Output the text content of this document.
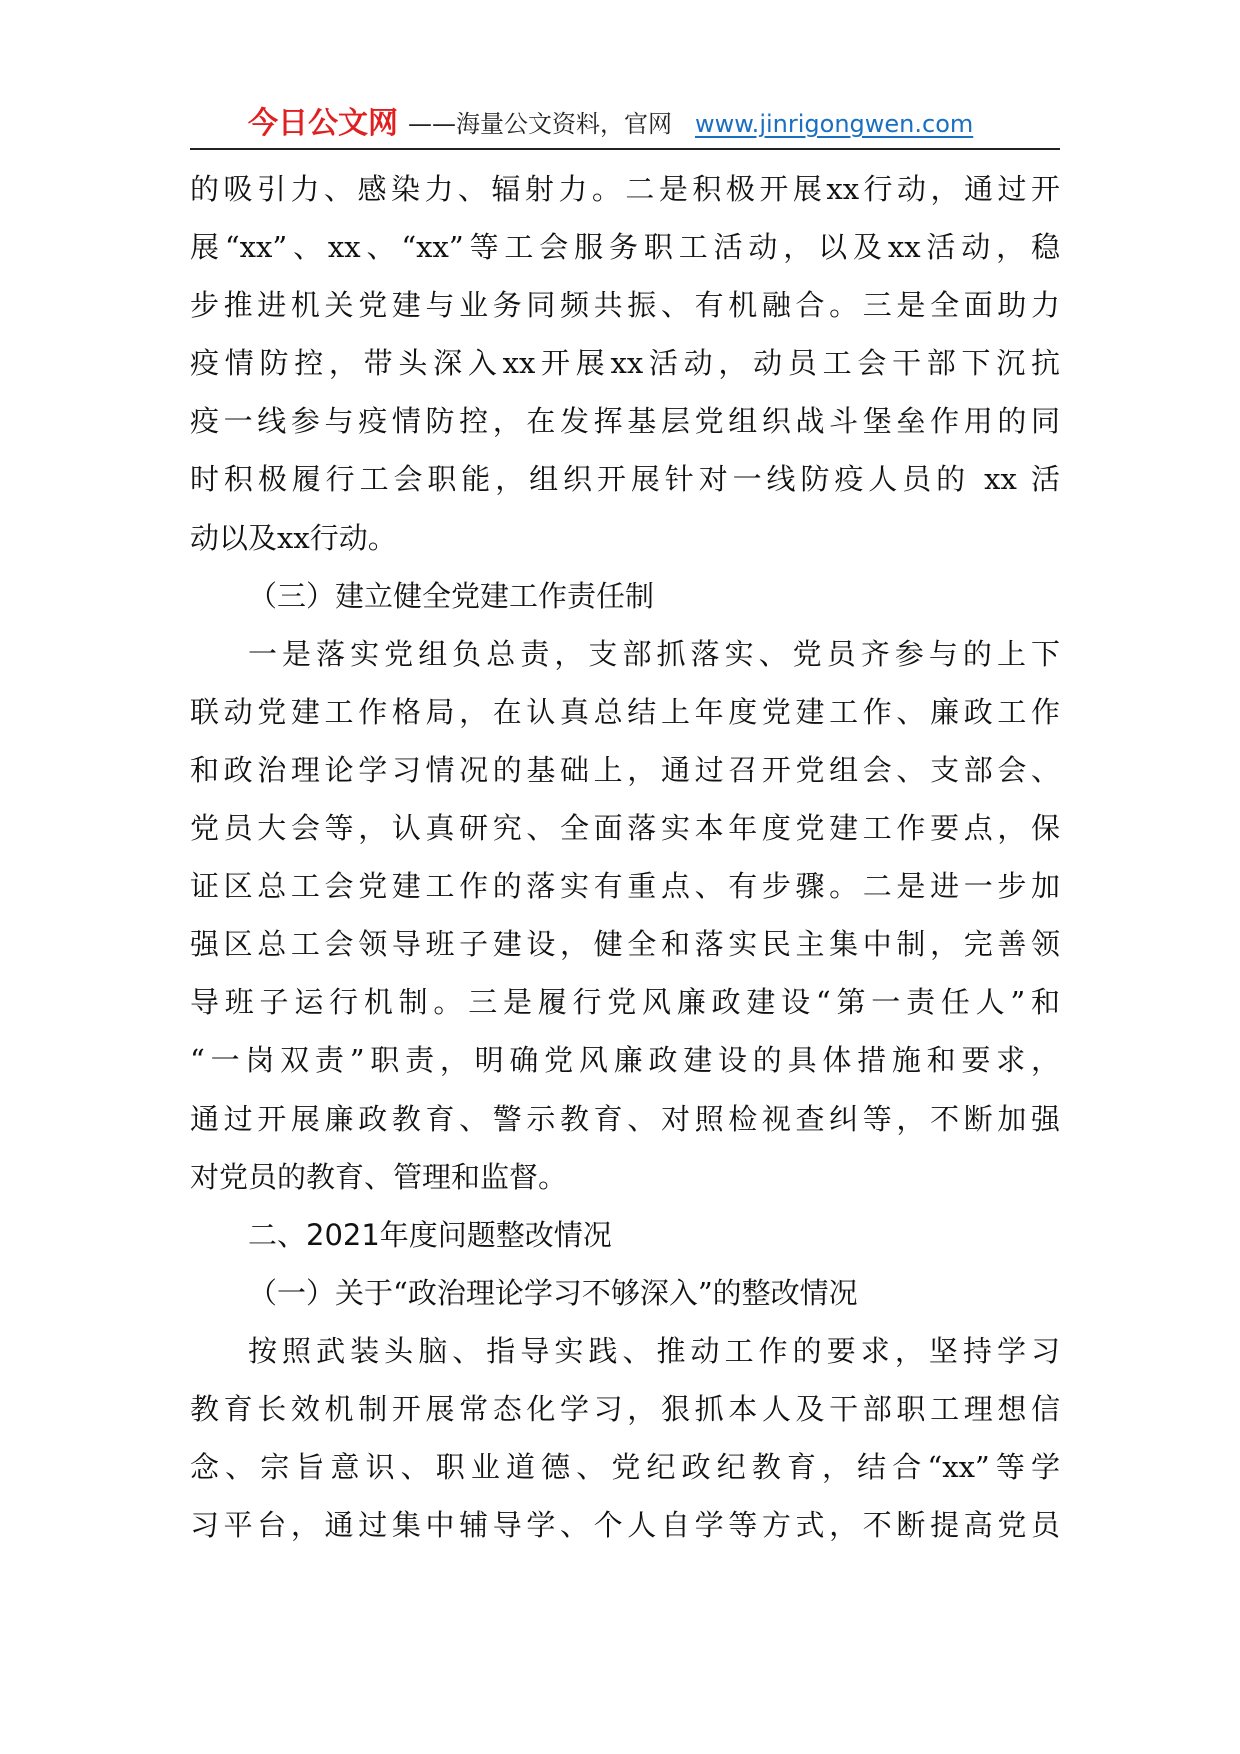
今日公文网 ——海量公文资料，官网 www.jinrigongwen.com
的吸引力、感染力、辐射力。二是积极开展xx行动，通过开
展“xx”、xx、“xx”等工会服务职工活动，以及xx活动，稳
步推进机关党建与业务同频共振、有机融合。三是全面助力
疫情防控，带头深入xx开展xx活动，动员工会干部下沉抗
疫一线参与疫情防控，在发挥基层党组织战斗堡垒作用的同
时积极履行工会职能，组织开展针对一线防疫人员的 xx 活
动以及xx行动。
（三）建立健全党建工作责任制
一是落实党组负总责，支部抓落实、党员齐参与的上下
联动党建工作格局，在认真总结上年度党建工作、廉政工作
和政治理论学习情况的基础上，通过召开党组会、支部会、
党员大会等，认真研究、全面落实本年度党建工作要点，保
证区总工会党建工作的落实有重点、有步骤。二是进一步加
强区总工会领导班子建设，健全和落实民主集中制，完善领
导班子运行机制。三是履行党风廉政建设“第一责任人”和
“一岗双责”职责，明确党风廉政建设的具体措施和要求，
通过开展廉政教育、警示教育、对照检视查纠等，不断加强
对党员的教育、管理和监督。
二、2021年度问题整改情况
（一）关于“政治理论学习不够深入”的整改情况
按照武装头脑、指导实践、推动工作的要求，坚持学习
教育长效机制开展常态化学习，狠抓本人及干部职工理想信
念、宗旨意识、职业道德、党纪政纪教育，结合“xx”等学
习平台，通过集中辅导学、个人自学等方式，不断提高党员
